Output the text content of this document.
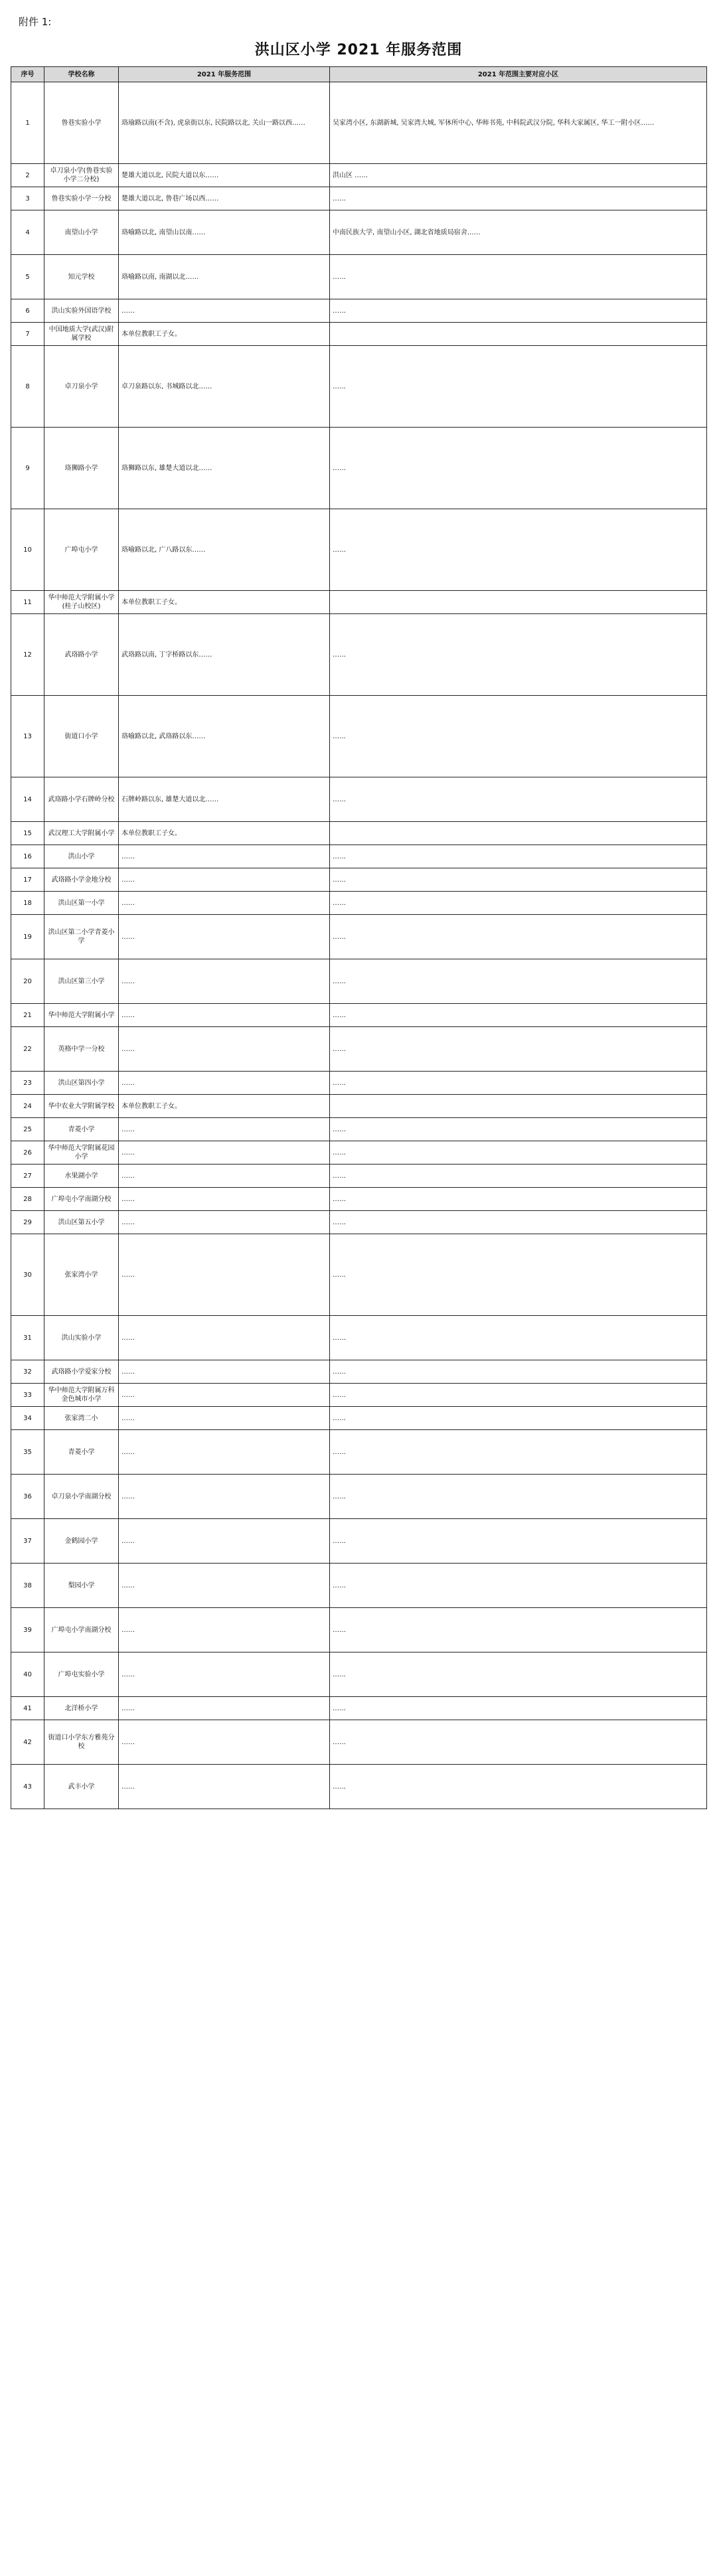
附件 1:
洪山区小学 2021 年服务范围
序号	学校名称	2021 年服务范围	2021 年范围主要对应小区
1	鲁巷实验小学	珞瑜路以南(不含), 虎泉街以东, 民院路以北, 关山一路以西……	吴家湾小区, 东湖新城, 吴家湾大城, 军休所中心, 华师书苑, 中科院武汉分院, 华科大家属区, 华工一附小区……
2	卓刀泉小学(鲁巷实验小学二分校)	楚雄大道以北, 民院大道以东……	洪山区 ……
3	鲁巷实验小学一分校	楚雄大道以北, 鲁巷广场以西……	……
4	南望山小学	珞喻路以北, 南望山以南……	中南民族大学, 南望山小区, 湖北省地质局宿舍……
5	知元学校	珞喻路以南, 南湖以北……	……
6	洪山实验外国语学校	……	……
7	中国地质大学(武汉)附属学校	本单位教职工子女。	
8	卓刀泉小学	卓刀泉路以东, 书城路以北……	……
9	珞狮路小学	珞狮路以东, 雄楚大道以北……	……
10	广埠屯小学	珞喻路以北, 广八路以东……	……
11	华中师范大学附属小学(桂子山校区)	本单位教职工子女。	
12	武珞路小学	武珞路以南, 丁字桥路以东……	……
13	街道口小学	珞喻路以北, 武珞路以东……	……
14	武珞路小学石牌岭分校	石牌岭路以东, 雄楚大道以北……	……
15	武汉理工大学附属小学	本单位教职工子女。	
16	洪山小学	……	……
17	武珞路小学金地分校	……	……
18	洪山区第一小学	……	……
19	洪山区第二小学青菱小学	……	……
20	洪山区第三小学	……	……
21	华中师范大学附属小学	……	……
22	英格中学一分校	……	……
23	洪山区第四小学	……	……
24	华中农业大学附属学校	本单位教职工子女。	
25	青菱小学	……	……
26	华中师范大学附属花园小学	……	……
27	水果湖小学	……	……
28	广埠屯小学南湖分校	……	……
29	洪山区第五小学	……	……
30	张家湾小学	……	……
31	洪山实验小学	……	……
32	武珞路小学爱家分校	……	……
33	华中师范大学附属万科金色城市小学	……	……
34	张家湾二小	……	……
35	青菱小学	……	……
36	卓刀泉小学南湖分校	……	……
37	金鹤园小学	……	……
38	梨园小学	……	……
39	广埠屯小学南湖分校	……	……
40	广埠屯实验小学	……	……
41	北洋桥小学	……	……
42	街道口小学东方雅苑分校	……	……
43	武丰小学	……	……
